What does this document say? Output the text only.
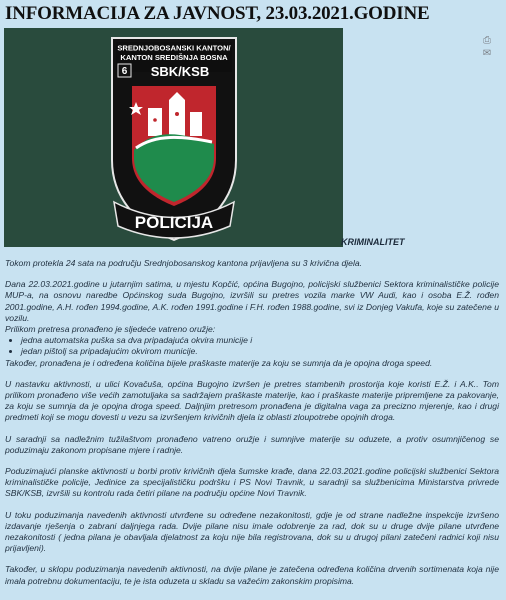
INFORMACIJA ZA JAVNOST, 23.03.2021.GODINE
⎙
✉
SREDNJOBOSANSKI KANTON/
KANTON SREDIŠNJA BOSNA
6 SBK/KSB
POLICIJA
KRIMINALITET

Tokom protekla 24 sata na području Srednjobosanskog kantona prijavljena su 3 krivična djela.

Dana 22.03.2021.godine u jutarnjim satima, u mjestu Kopčić, općina Bugojno, policijski službenici Sektora kriminalističke policije MUP-a, na osnovu naredbe Općinskog suda Bugojno, izvršili su pretres vozila marke VW Audi, kao i osoba E.Ž. rođen 2001.godine, A.H. rođen 1994.godine, A.K. rođen 1991.godine i F.H. rođen 1988.godine, svi iz Donjeg Vakufa, koje su zatečene u vozilu.

Prilikom pretresa pronađeno je sljedeće vatreno oružje:

• jedna automatska puška sa dva pripadajuća okvira municije i
• jedan pištolj sa pripadajućim okvirom municije.

Također, pronađena je i određena količina bijele praškaste materije za koju se sumnja da je opojna droga speed.

U nastavku aktivnosti, u ulici Kovačuša, općina Bugojno izvršen je pretres stambenih prostorija koje koristi E.Ž. i A.K.. Tom prilikom pronađeno više većih zamotuljaka sa sadržajem praškaste materije, kao i praškaste materije pripremljene za pakovanje, za koju se sumnja da je opojna droga speed. Daljnjim pretresom pronađena je digitalna vaga za precizno mjerenje, kao i drugi predmeti koji se mogu dovesti u vezu sa izvršenjem krivičnih djela iz oblasti zloupotrebe opojnih droga.

U saradnji sa nadležnim tužilaštvom pronađeno vatreno oružje i sumnjive materije su oduzete, a protiv osumnjičenog se poduzimaju zakonom propisane mjere i radnje.

Poduzimajući planske aktivnosti u borbi protiv krivičnih djela šumske krađe, dana 22.03.2021.godine policijski službenici Sektora kriminalističke policije, Jedinice za specijalističku podršku i PS Novi Travnik, u saradnji sa službenicima Ministarstva privrede SBK/KSB, izvršili su kontrolu rada četiri pilane na području općine Novi Travnik.

U toku poduzimanja navedenih aktivnosti utvrđene su određene nezakonitosti, gdje je od strane nadležne inspekcije izvršeno izdavanje rješenja o zabrani daljnjega rada. Dvije pilane nisu imale odobrenje za rad, dok su u druge dvije pilane utvrđene nezakonitosti ( jedna pilana je obavljala djelatnost za koju nije bila registrovana, dok su u drugoj pilani zatečeni radnici koji nisu prijavljeni).

Također, u sklopu poduzimanja navedenih aktivnosti, na dvije pilane je zatečena određena količina drvenih sortimenata koja nije imala potrebnu dokumentaciju, te je ista oduzeta u skladu sa važećim zakonskim propisima.
